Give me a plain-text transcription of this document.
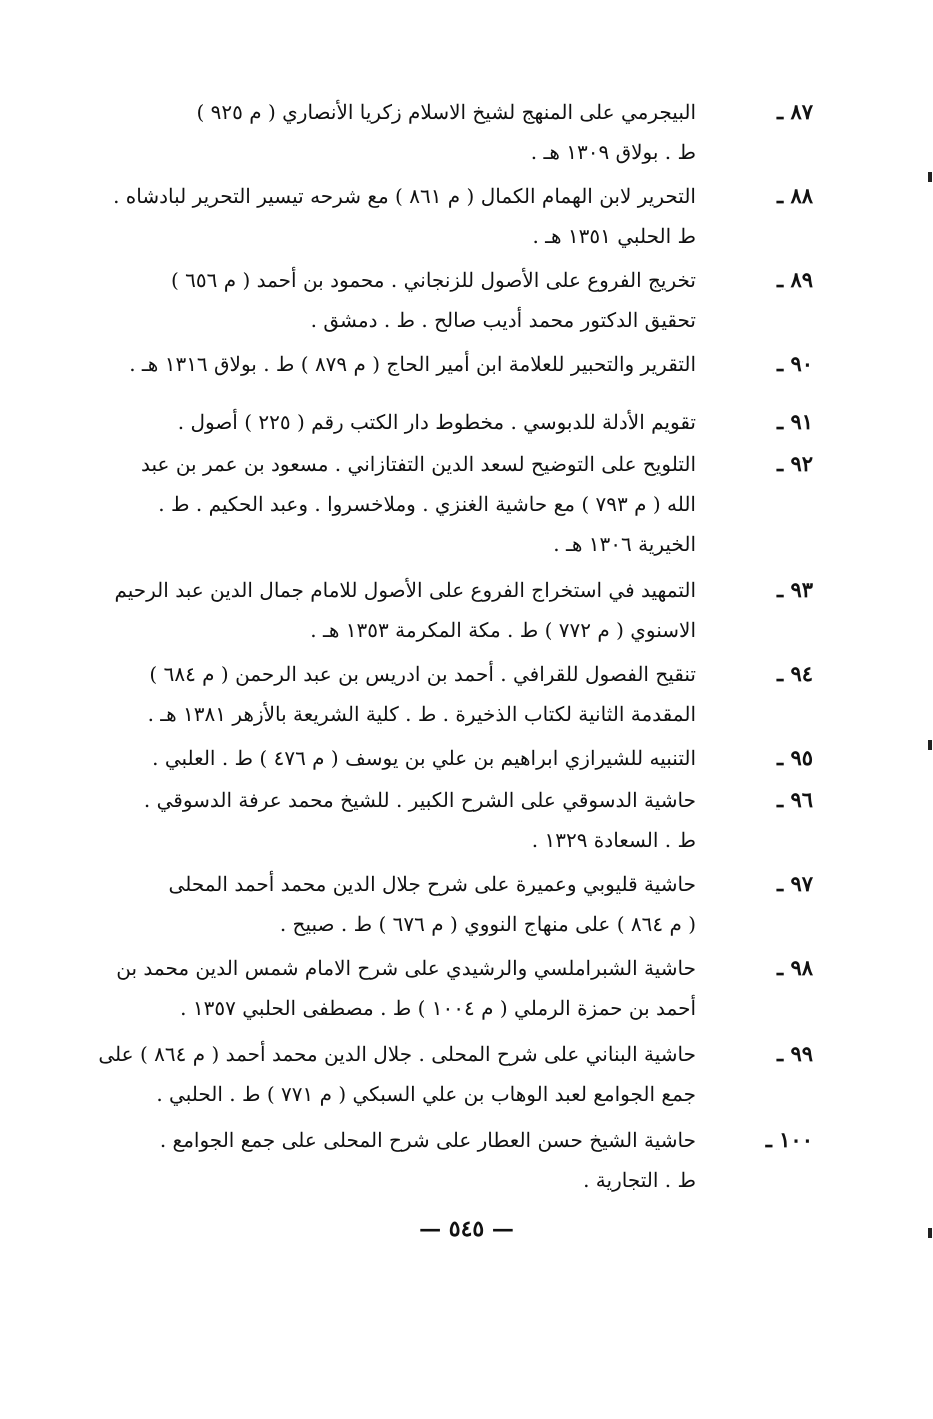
٨٧ ـ
البيجرمي على المنهج لشيخ الاسلام زكريا الأنصاري ( م ٩٢٥ )
ط . بولاق ١٣٠٩ هـ .
٨٨ ـ
التحرير لابن الهمام الكمال ( م ٨٦١ ) مع شرحه تيسير التحرير لبادشاه .
ط الحلبي ١٣٥١ هـ .
٨٩ ـ
تخريج الفروع على الأصول للزنجاني . محمود بن أحمد ( م ٦٥٦ )
تحقيق الدكتور محمد أديب صالح . ط . دمشق .
٩٠ ـ
التقرير والتحبير للعلامة ابن أمير الحاج ( م ٨٧٩ ) ط . بولاق ١٣١٦ هـ .
٩١ ـ
تقويم الأدلة للدبوسي . مخطوط دار الكتب رقم ( ٢٢٥ ) أصول .
٩٢ ـ
التلويح على التوضيح لسعد الدين التفتازاني . مسعود بن عمر بن عبد
الله ( م ٧٩٣ ) مع حاشية الغنزي . وملاخسروا . وعبد الحكيم . ط .
الخيرية ١٣٠٦ هـ .
٩٣ ـ
التمهيد في استخراج الفروع على الأصول للامام جمال الدين عبد الرحيم
الاسنوي ( م ٧٧٢ ) ط . مكة المكرمة ١٣٥٣ هـ .
٩٤ ـ
تنقيح الفصول للقرافي . أحمد بن ادريس بن عبد الرحمن ( م ٦٨٤ )
المقدمة الثانية لكتاب الذخيرة . ط . كلية الشريعة بالأزهر ١٣٨١ هـ .
٩٥ ـ
التنبيه للشيرازي ابراهيم بن علي بن يوسف ( م ٤٧٦ ) ط . العلبي .
٩٦ ـ
حاشية الدسوقي على الشرح الكبير . للشيخ محمد عرفة الدسوقي .
ط . السعادة ١٣٢٩ .
٩٧ ـ
حاشية قليوبي وعميرة على شرح جلال الدين محمد أحمد المحلى
( م ٨٦٤ ) على منهاج النووي ( م ٦٧٦ ) ط . صبيح .
٩٨ ـ
حاشية الشبراملسي والرشيدي على شرح الامام شمس الدين محمد بن
أحمد بن حمزة الرملي ( م ١٠٠٤ ) ط . مصطفى الحلبي ١٣٥٧ .
٩٩ ـ
حاشية البناني على شرح المحلى . جلال الدين محمد أحمد ( م ٨٦٤ ) على
جمع الجوامع لعبد الوهاب بن علي السبكي ( م ٧٧١ ) ط . الحلبي .
١٠٠ ـ
حاشية الشيخ حسن العطار على شرح المحلى على جمع الجوامع .
ط . التجارية .
— ٥٤٥ —
